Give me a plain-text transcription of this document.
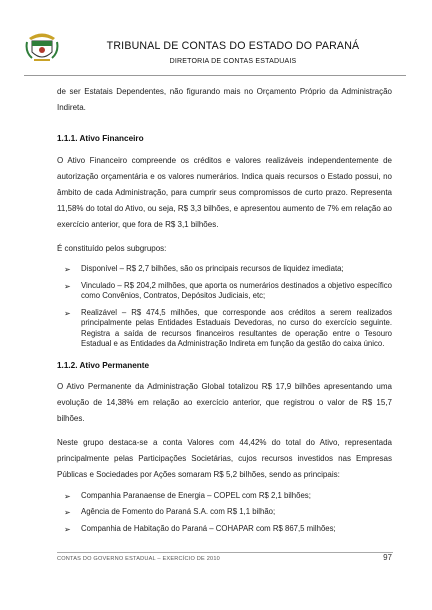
TRIBUNAL DE CONTAS DO ESTADO DO PARANÁ
DIRETORIA DE CONTAS ESTADUAIS

de ser Estatais Dependentes, não figurando mais no Orçamento Próprio da Administração Indireta.

1.1.1. Ativo Financeiro

O Ativo Financeiro compreende os créditos e valores realizáveis independentemente de autorização orçamentária e os valores numerários. Indica quais recursos o Estado possui, no âmbito de cada Administração, para cumprir seus compromissos de curto prazo. Representa 11,58% do total do Ativo, ou seja, R$ 3,3 bilhões, e apresentou aumento de 7% em relação ao exercício anterior, que fora de R$ 3,1 bilhões.

É constituído pelos subgrupos:

➢ Disponível – R$ 2,7 bilhões, são os principais recursos de liquidez imediata;
➢ Vinculado – R$ 204,2 milhões, que aporta os numerários destinados a objetivo específico como Convênios, Contratos, Depósitos Judiciais, etc;
➢ Realizável – R$ 474,5 milhões, que corresponde aos créditos a serem realizados principalmente pelas Entidades Estaduais Devedoras, no curso do exercício seguinte. Registra a saída de recursos financeiros resultantes de operação entre o Tesouro Estadual e as Entidades da Administração Indireta em função da gestão do caixa único.
1.1.2. Ativo Permanente

O Ativo Permanente da Administração Global totalizou R$ 17,9 bilhões apresentando uma evolução de 14,38% em relação ao exercício anterior, que registrou o valor de R$ 15,7 bilhões.

Neste grupo destaca-se a conta Valores com 44,42% do total do Ativo, representada principalmente pelas Participações Societárias, cujos recursos investidos nas Empresas Públicas e Sociedades por Ações somaram R$ 5,2 bilhões, sendo as principais:

➢ Companhia Paranaense de Energia – COPEL com R$ 2,1 bilhões;
➢ Agência de Fomento do Paraná S.A. com R$ 1,1 bilhão;
➢ Companhia de Habitação do Paraná – COHAPAR com R$ 867,5 milhões;
CONTAS DO GOVERNO ESTADUAL – EXERCÍCIO DE 2010	97
